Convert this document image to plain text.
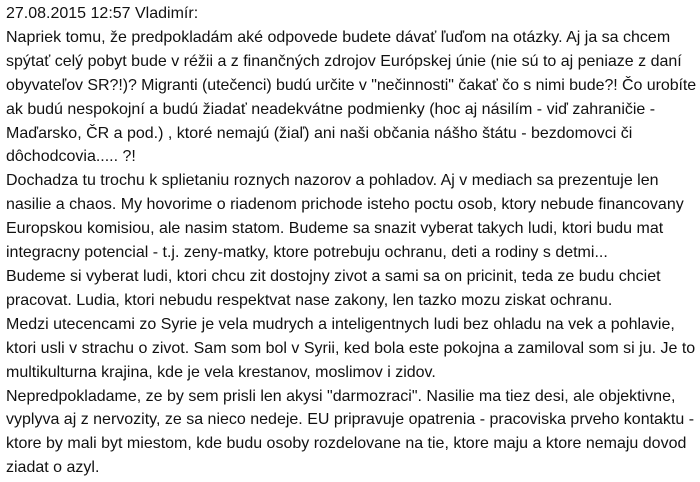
27.08.2015 12:57 Vladimír:

Napriek tomu, že predpokladám aké odpovede budete dávať ľuďom na otázky. Aj ja sa chcem
spýtať celý pobyt bude v réžii a z finančných zdrojov Európskej únie (nie sú to aj peniaze z daní
obyvateľov SR?!)? Migranti (utečenci) budú určite v "nečinnosti" čakať čo s nimi bude?! Čo urobíte
ak budú nespokojní a budú žiadať neadekvátne podmienky (hoc aj násilím - viď zahraničie -
Maďarsko, ČR a pod.) , ktoré nemajú (žiaľ) ani naši občania nášho štátu - bezdomovci či
dôchodcovia..... ?!
Dochadza tu trochu k splietaniu roznych nazorov a pohladov. Aj v mediach sa prezentuje len
nasilie a chaos. My hovorime o riadenom prichode isteho poctu osob, ktory nebude financovany
Europskou komisiou, ale nasim statom. Budeme sa snazit vyberat takych ludi, ktori budu mat
integracny potencial - t.j. zeny-matky, ktore potrebuju ochranu, deti a rodiny s detmi...
Budeme si vyberat ludi, ktori chcu zit dostojny zivot a sami sa on pricinit, teda ze budu chciet
pracovat. Ludia, ktori nebudu respektvat nase zakony, len tazko mozu ziskat ochranu.
Medzi utecencami zo Syrie je vela mudrych a inteligentnych ludi bez ohladu na vek a pohlavie,
ktori usli v strachu o zivot. Sam som bol v Syrii, ked bola este pokojna a zamiloval som si ju. Je to
multikulturna krajina, kde je vela krestanov, moslimov i zidov.
Nepredpokladame, ze by sem prisli len akysi "darmozraci". Nasilie ma tiez desi, ale objektivne,
vyplyva aj z nervozity, ze sa nieco nedeje. EU pripravuje opatrenia - pracoviska prveho kontaktu -
ktore by mali byt miestom, kde budu osoby rozdelovane na tie, ktore maju a ktore nemaju dovod
ziadat o azyl.
